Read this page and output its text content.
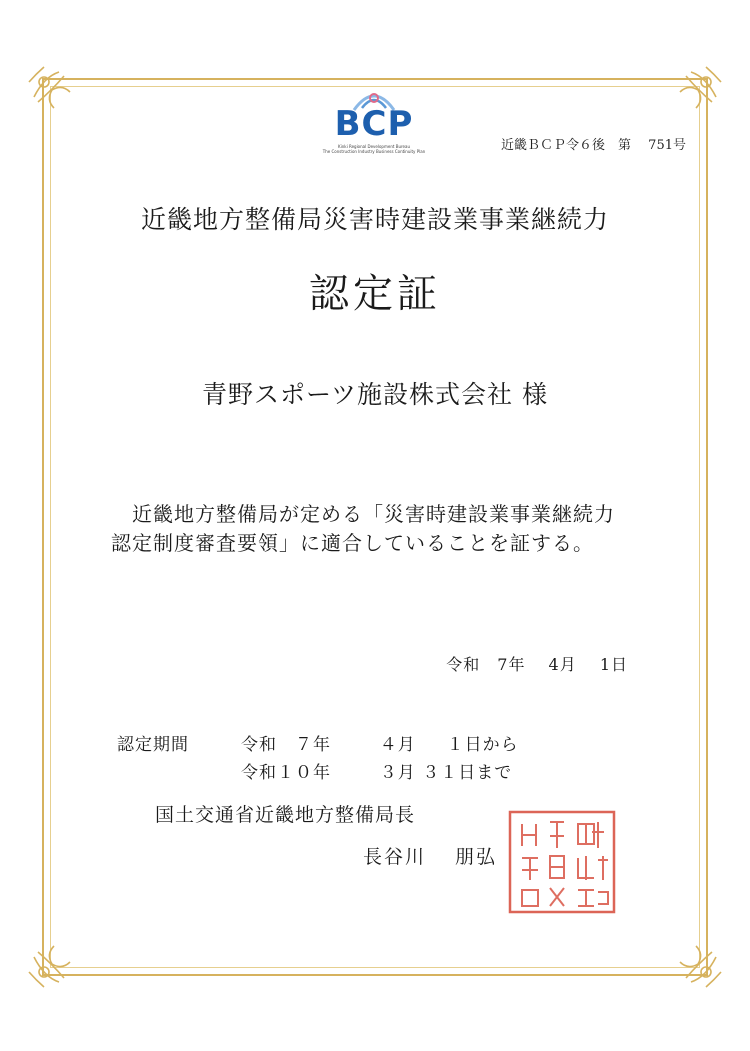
BCP
Kinki Regional Development Bureau
The Construction Industry Business Continuity Plan	近畿ＢＣＰ令６後　第　 751号
近畿地方整備局災害時建設業事業継続力
認定証
青野スポーツ施設株式会社 様
　近畿地方整備局が定める「災害時建設業事業継続力認定制度審査要領」に適合していることを証する。
令和　7年　 4月　 1日
認定期間	令和　７年　　  ４月　  １日から
令和１０年　　  ３月 ３１日まで
国土交通省近畿地方整備局長
長谷川　 朋弘
